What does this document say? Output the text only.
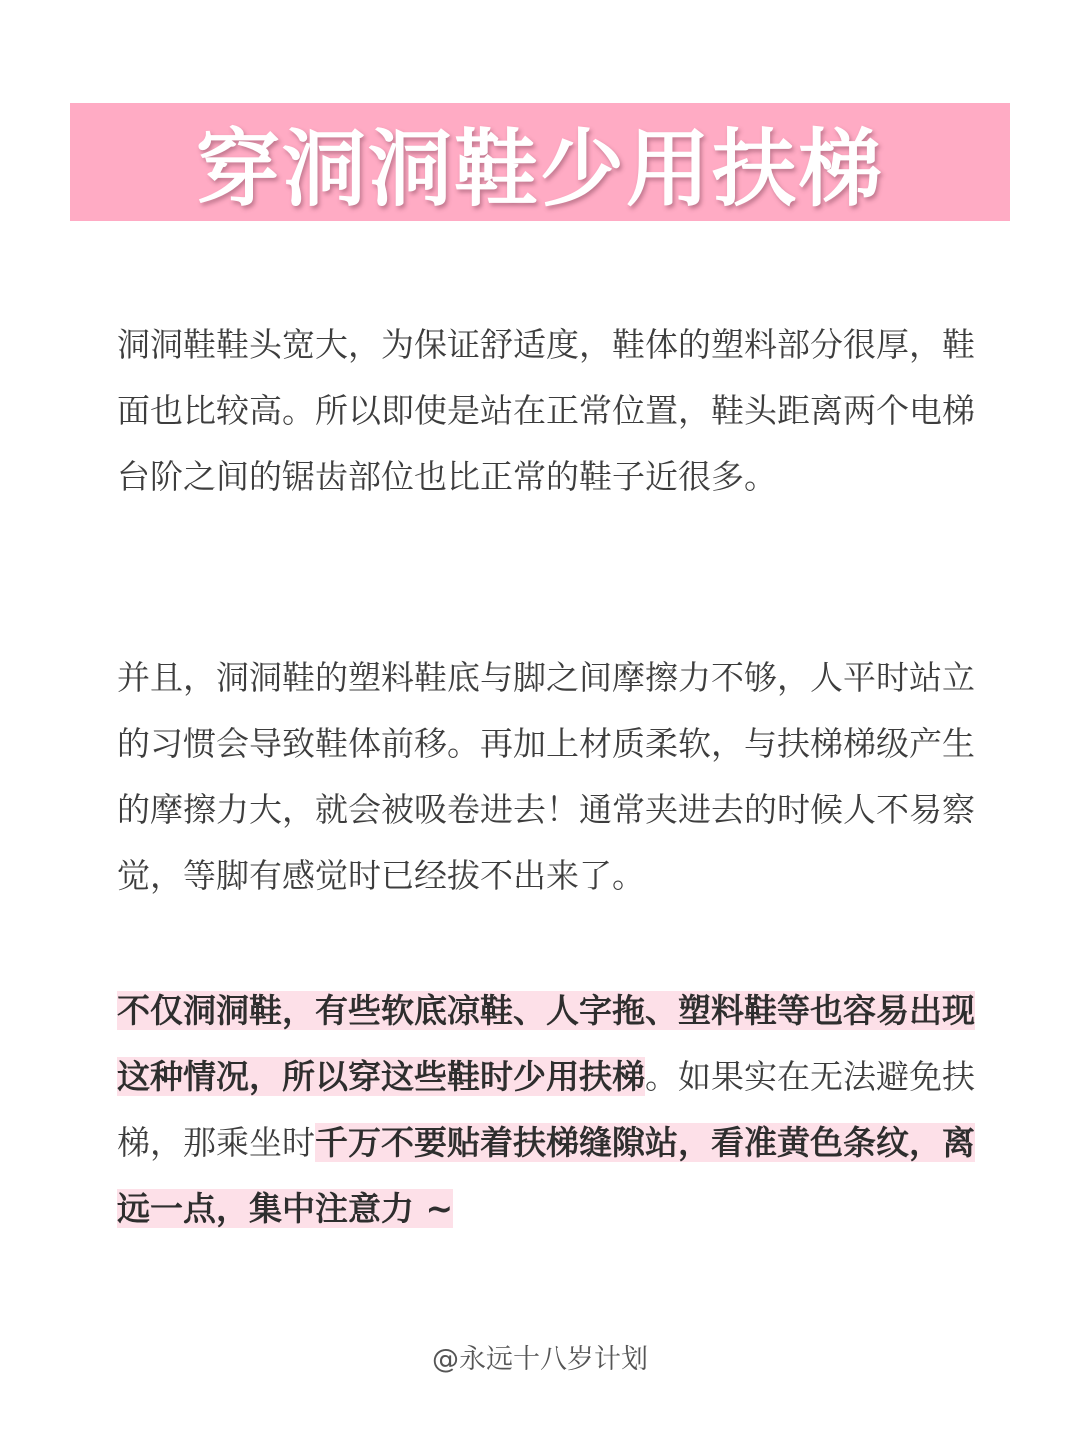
穿洞洞鞋少用扶梯

洞洞鞋鞋头宽大，为保证舒适度，鞋体的塑料部分很厚，鞋面也比较高。所以即使是站在正常位置，鞋头距离两个电梯台阶之间的锯齿部位也比正常的鞋子近很多。

并且，洞洞鞋的塑料鞋底与脚之间摩擦力不够，人平时站立的习惯会导致鞋体前移。再加上材质柔软，与扶梯梯级产生的摩擦力大，就会被吸卷进去！通常夹进去的时候人不易察觉，等脚有感觉时已经拔不出来了。

不仅洞洞鞋，有些软底凉鞋、人字拖、塑料鞋等也容易出现这种情况，所以穿这些鞋时少用扶梯。如果实在无法避免扶梯，那乘坐时千万不要贴着扶梯缝隙站，看准黄色条纹，离远一点，集中注意力 ~

@永远十八岁计划
